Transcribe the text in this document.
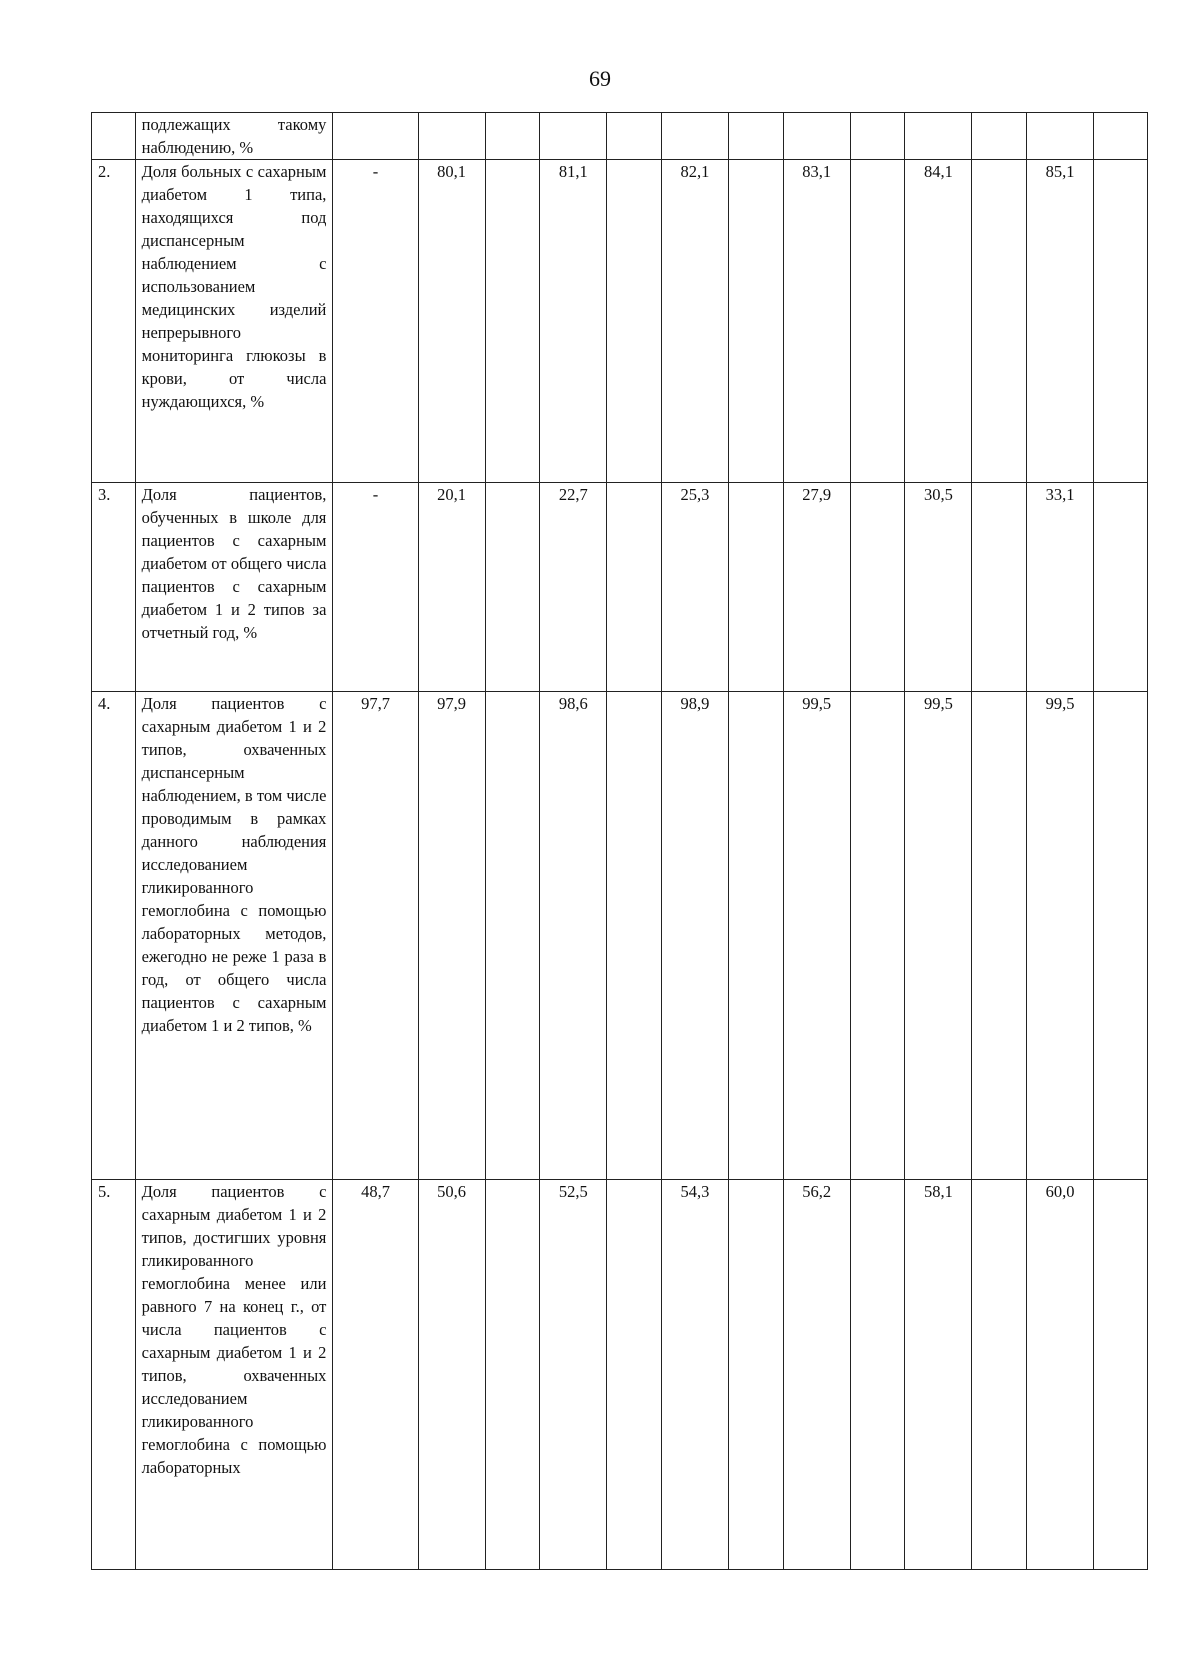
69
	подлежащих такому наблюдению, %													
2.	Доля больных с сахарным диабетом 1 типа, находящихся под диспансерным наблюдением с использованием медицинских изделий непрерывного мониторинга глюкозы в крови, от числа нуждающихся, %	-	80,1		81,1		82,1		83,1		84,1		85,1	
3.	Доля пациентов, обученных в школе для пациентов с сахарным диабетом от общего числа пациентов с сахарным диабетом 1 и 2 типов за отчетный год, %	-	20,1		22,7		25,3		27,9		30,5		33,1	
4.	Доля пациентов с сахарным диабетом 1 и 2 типов, охваченных диспансерным наблюдением, в том числе проводимым в рамках данного наблюдения исследованием гликированного гемоглобина с помощью лабораторных методов, ежегодно не реже 1 раза в год, от общего числа пациентов с сахарным диабетом 1 и 2 типов, %	97,7	97,9		98,6		98,9		99,5		99,5		99,5	
5.	Доля пациентов с сахарным диабетом 1 и 2 типов, достигших уровня гликированного гемоглобина менее или равного 7 на конец г., от числа пациентов с сахарным диабетом 1 и 2 типов, охваченных исследованием гликированного гемоглобина с помощью лабораторных	48,7	50,6		52,5		54,3		56,2		58,1		60,0	
